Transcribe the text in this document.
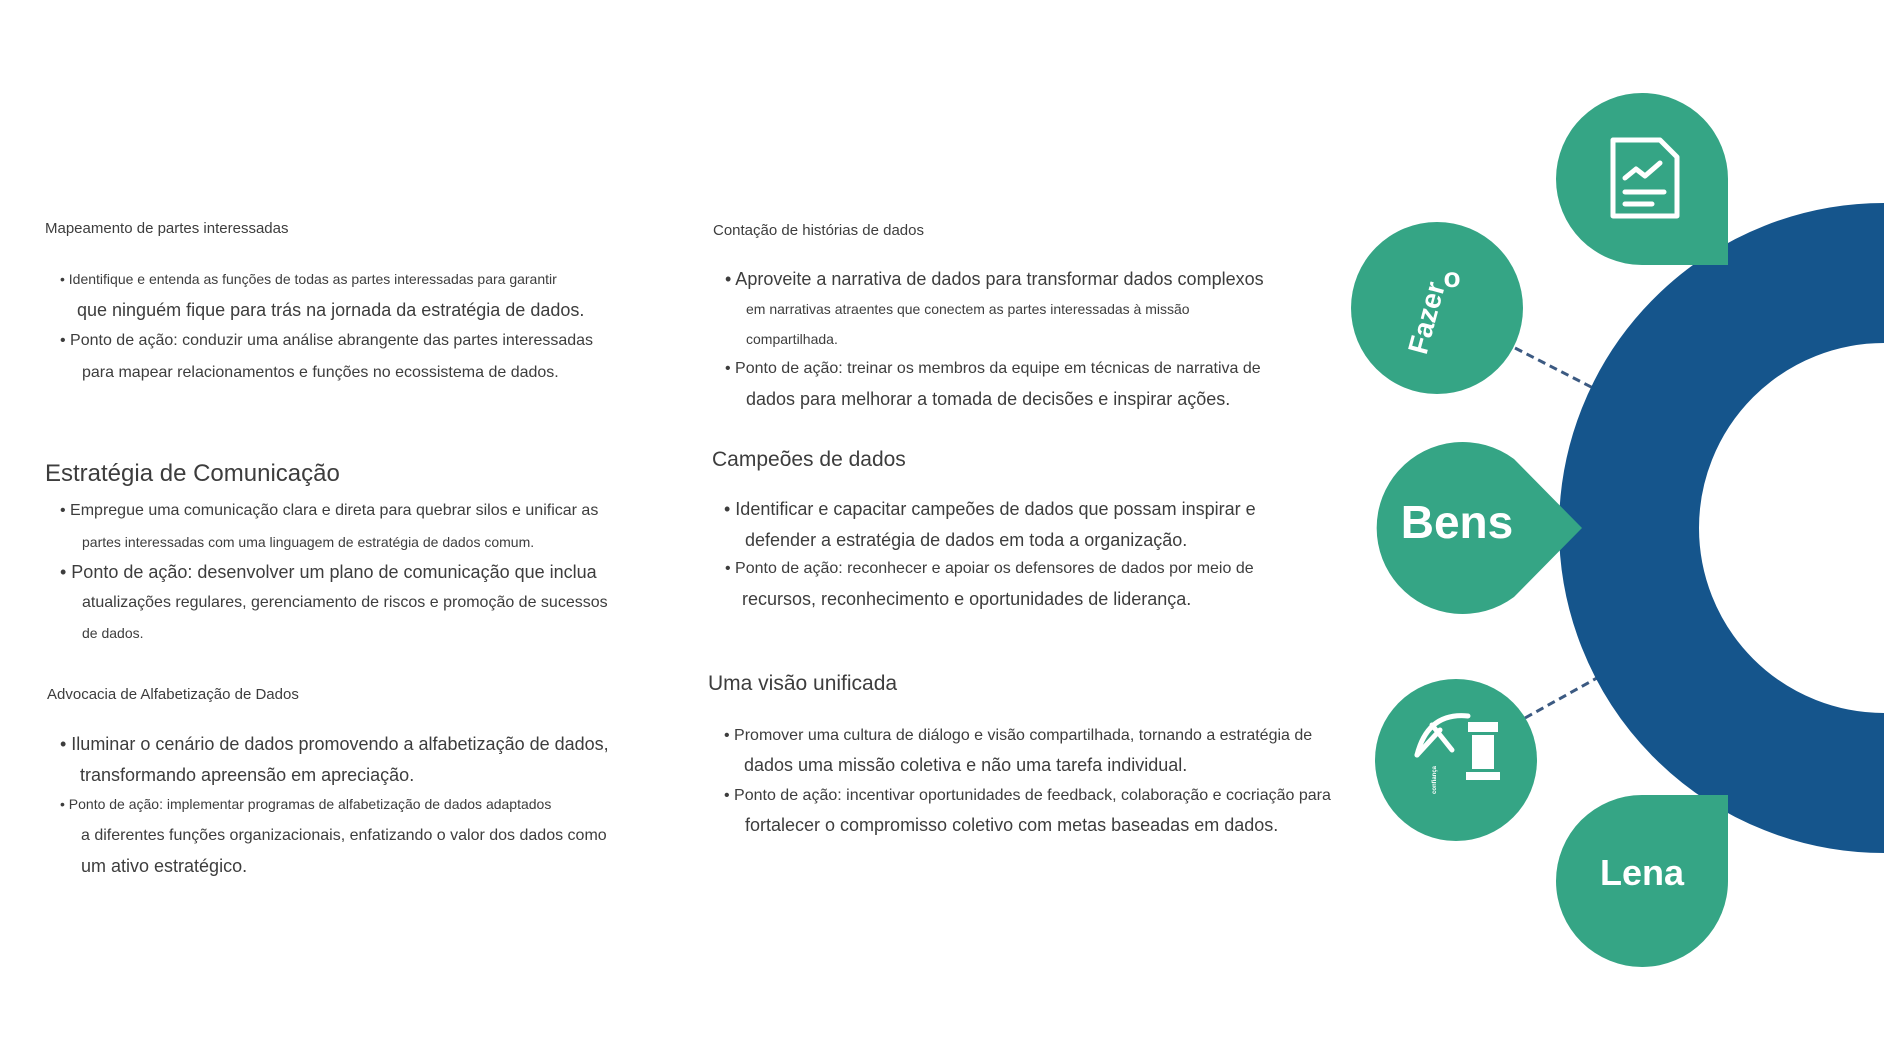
Mapeamento de partes interessadas
• Identifique e entenda as funções de todas as partes interessadas para garantir
que ninguém fique para trás na jornada da estratégia de dados.
• Ponto de ação: conduzir uma análise abrangente das partes interessadas
para mapear relacionamentos e funções no ecossistema de dados.
Estratégia de Comunicação
• Empregue uma comunicação clara e direta para quebrar silos e unificar as
partes interessadas com uma linguagem de estratégia de dados comum.
• Ponto de ação: desenvolver um plano de comunicação que inclua
atualizações regulares, gerenciamento de riscos e promoção de sucessos
de dados.
Advocacia de Alfabetização de Dados
• Iluminar o cenário de dados promovendo a alfabetização de dados,
transformando apreensão em apreciação.
• Ponto de ação: implementar programas de alfabetização de dados adaptados
a diferentes funções organizacionais, enfatizando o valor dos dados como
um ativo estratégico.
Contação de histórias de dados
• Aproveite a narrativa de dados para transformar dados complexos
em narrativas atraentes que conectem as partes interessadas à missão
compartilhada.
• Ponto de ação: treinar os membros da equipe em técnicas de narrativa de
dados para melhorar a tomada de decisões e inspirar ações.
Campeões de dados
• Identificar e capacitar campeões de dados que possam inspirar e
defender a estratégia de dados em toda a organização.
• Ponto de ação: reconhecer e apoiar os defensores de dados por meio de
recursos, reconhecimento e oportunidades de liderança.
Uma visão unificada
• Promover uma cultura de diálogo e visão compartilhada, tornando a estratégia de
dados uma missão coletiva e não uma tarefa individual.
• Ponto de ação: incentivar oportunidades de feedback, colaboração e cocriação para
fortalecer o compromisso coletivo com metas baseadas em dados.
Fazer
o
Bens
confiança
Lena
